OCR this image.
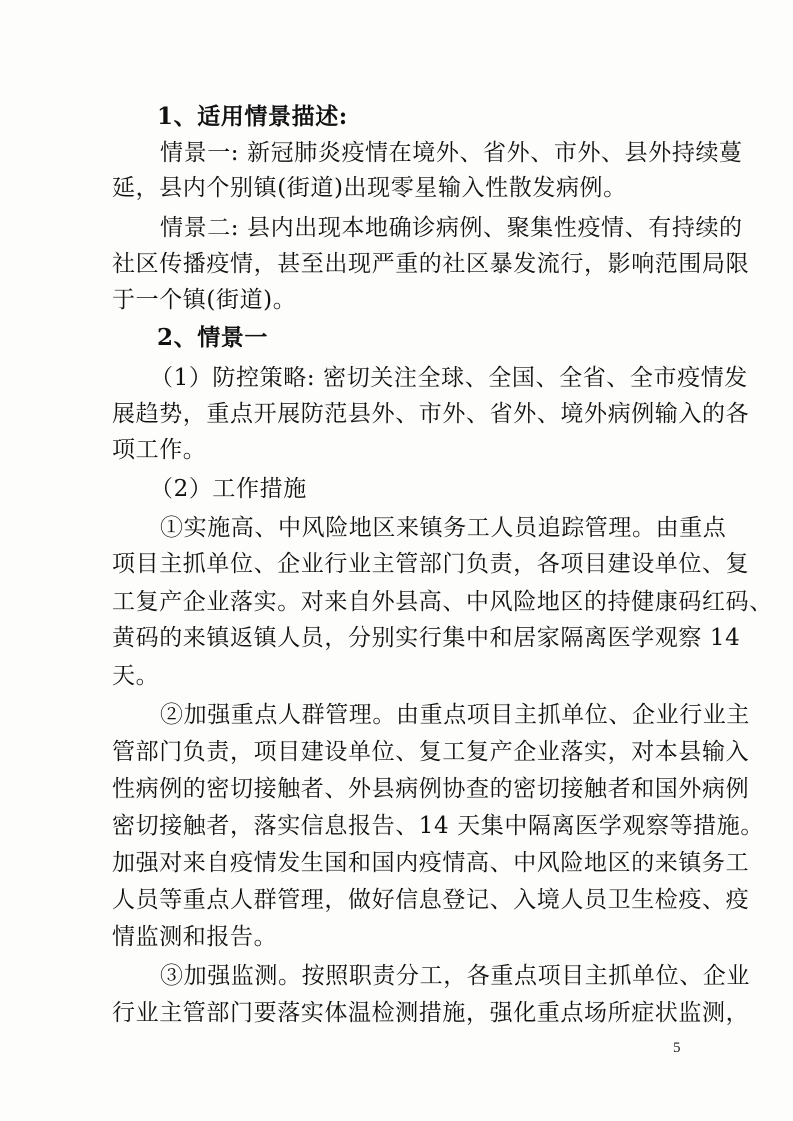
1、适用情景描述:
情景一: 新冠肺炎疫情在境外、省外、市外、县外持续蔓
延，县内个别镇(街道)出现零星输入性散发病例。
情景二: 县内出现本地确诊病例、聚集性疫情、有持续的
社区传播疫情，甚至出现严重的社区暴发流行，影响范围局限
于一个镇(街道)。
2、情景一
（1）防控策略: 密切关注全球、全国、全省、全市疫情发
展趋势，重点开展防范县外、市外、省外、境外病例输入的各
项工作。
（2）工作措施
①实施高、中风险地区来镇务工人员追踪管理。由重点
项目主抓单位、企业行业主管部门负责，各项目建设单位、复
工复产企业落实。对来自外县高、中风险地区的持健康码红码、
黄码的来镇返镇人员，分别实行集中和居家隔离医学观察 14
天。
②加强重点人群管理。由重点项目主抓单位、企业行业主
管部门负责，项目建设单位、复工复产企业落实，对本县输入
性病例的密切接触者、外县病例协查的密切接触者和国外病例
密切接触者，落实信息报告、14 天集中隔离医学观察等措施。
加强对来自疫情发生国和国内疫情高、中风险地区的来镇务工
人员等重点人群管理，做好信息登记、入境人员卫生检疫、疫
情监测和报告。
③加强监测。按照职责分工，各重点项目主抓单位、企业
行业主管部门要落实体温检测措施，强化重点场所症状监测，
5
